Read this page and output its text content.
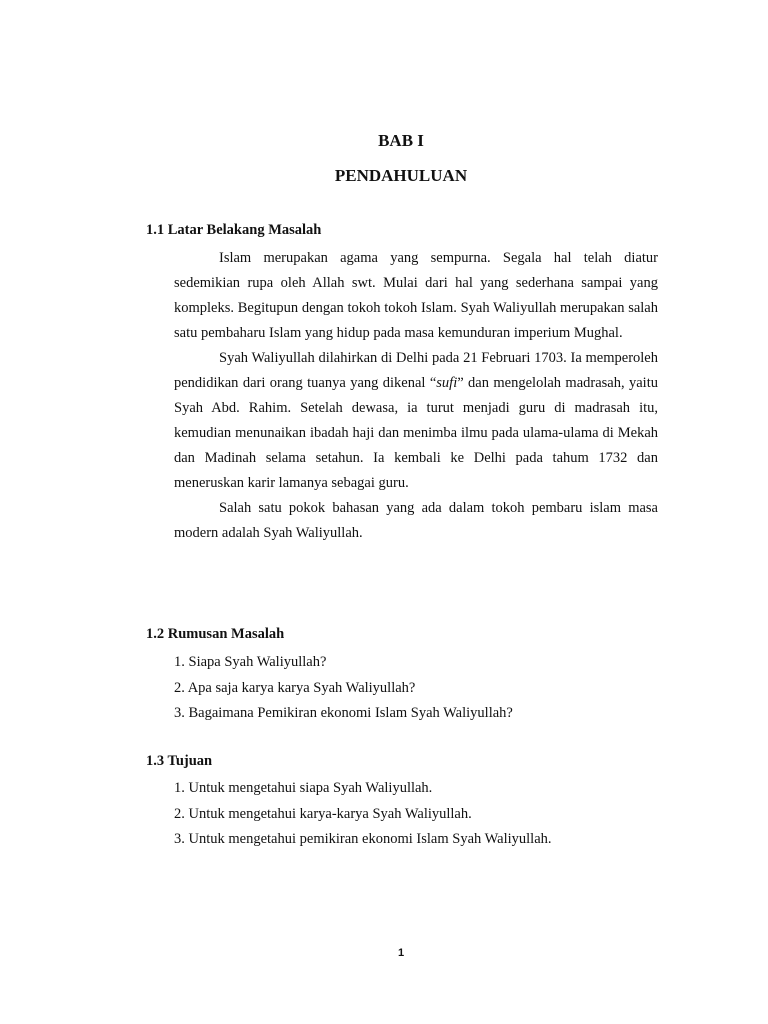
BAB I
PENDAHULUAN
1.1 Latar Belakang Masalah

Islam merupakan agama yang sempurna. Segala hal telah diatur sedemikian rupa oleh Allah swt. Mulai dari hal yang sederhana sampai yang kompleks. Begitupun dengan tokoh tokoh Islam. Syah Waliyullah merupakan salah satu pembaharu Islam yang hidup pada masa kemunduran imperium Mughal.

Syah Waliyullah dilahirkan di Delhi pada 21 Februari 1703. Ia memperoleh pendidikan dari orang tuanya yang dikenal “sufi” dan mengelolah madrasah, yaitu Syah Abd. Rahim. Setelah dewasa, ia turut menjadi guru di madrasah itu, kemudian menunaikan ibadah haji dan menimba ilmu pada ulama-ulama di Mekah dan Madinah selama setahun. Ia kembali ke Delhi pada tahum 1732 dan meneruskan karir lamanya sebagai guru.

Salah satu pokok bahasan yang ada dalam tokoh pembaru islam masa modern adalah Syah Waliyullah.

1.2 Rumusan Masalah
1. Siapa Syah Waliyullah?
2. Apa saja karya karya Syah Waliyullah?
3. Bagaimana Pemikiran ekonomi Islam Syah Waliyullah?
1.3 Tujuan
1. Untuk mengetahui siapa Syah Waliyullah.
2. Untuk mengetahui karya-karya Syah Waliyullah.
3. Untuk mengetahui pemikiran ekonomi Islam Syah Waliyullah.
1
